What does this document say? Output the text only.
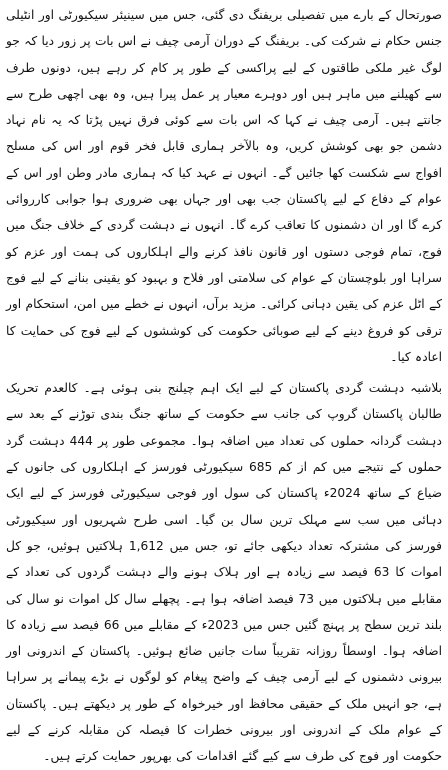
صورتحال کے بارے میں تفصیلی بریفنگ دی گئی، جس میں سینیئر سیکیورٹی اور انٹیلی جنس حکام نے شرکت کی۔ بریفنگ کے دوران آرمی چیف نے اس بات پر زور دیا کہ جو لوگ غیر ملکی طاقتوں کے لیے پراکسی کے طور پر کام کر رہے ہیں، دونوں طرف سے کھیلنے میں ماہر ہیں اور دوہرے معیار پر عمل پیرا ہیں، وہ بھی اچھی طرح سے جانتے ہیں۔ آرمی چیف نے کہا کہ اس بات سے کوئی فرق نہیں پڑتا کہ یہ نام نہاد دشمن جو بھی کوشش کریں، وہ بالآخر ہماری قابل فخر قوم اور اس کی مسلح افواج سے شکست کھا جائیں گے۔ انہوں نے عہد کیا کہ ہماری مادر وطن اور اس کے عوام کے دفاع کے لیے پاکستان جب بھی اور جہاں بھی ضروری ہوا جوابی کارروائی کرے گا اور ان دشمنوں کا تعاقب کرے گا۔ انہوں نے دہشت گردی کے خلاف جنگ میں فوج، تمام فوجی دستوں اور قانون نافذ کرنے والے اہلکاروں کی ہمت اور عزم کو سراہا اور بلوچستان کے عوام کی سلامتی اور فلاح و بہبود کو یقینی بنانے کے لیے فوج کے اٹل عزم کی یقین دہانی کرائی۔ مزید برآں، انہوں نے خطے میں امن، استحکام اور ترقی کو فروغ دینے کے لیے صوبائی حکومت کی کوششوں کے لیے فوج کی حمایت کا اعادہ کیا۔

بلاشبہ دہشت گردی پاکستان کے لیے ایک اہم چیلنج بنی ہوئی ہے۔ کالعدم تحریک طالبان پاکستان گروپ کی جانب سے حکومت کے ساتھ جنگ بندی توڑنے کے بعد سے دہشت گردانہ حملوں کی تعداد میں اضافہ ہوا۔ مجموعی طور پر 444 دہشت گرد حملوں کے نتیجے میں کم از کم 685 سیکیورٹی فورسز کے اہلکاروں کی جانوں کے ضیاع کے ساتھ 2024ء پاکستان کی سول اور فوجی سیکیورٹی فورسز کے لیے ایک دہائی میں سب سے مہلک ترین سال بن گیا۔ اسی طرح شہریوں اور سیکیورٹی فورسز کی مشترکہ تعداد دیکھی جائے تو، جس میں 1,612 ہلاکتیں ہوئیں، جو کل اموات کا 63 فیصد سے زیادہ ہے اور ہلاک ہونے والے دہشت گردوں کی تعداد کے مقابلے میں ہلاکتوں میں 73 فیصد اضافہ ہوا ہے۔ پچھلے سال کل اموات نو سال کی بلند ترین سطح پر پہنچ گئیں جس میں 2023ء کے مقابلے میں 66 فیصد سے زیادہ کا اضافہ ہوا۔ اوسطاً روزانہ تقریباً سات جانیں ضائع ہوئیں۔ پاکستان کے اندرونی اور بیرونی دشمنوں کے لیے آرمی چیف کے واضح پیغام کو لوگوں نے بڑے پیمانے پر سراہا ہے، جو انہیں ملک کے حقیقی محافظ اور خیرخواہ کے طور پر دیکھتے ہیں۔ پاکستان کے عوام ملک کے اندرونی اور بیرونی خطرات کا فیصلہ کن مقابلہ کرنے کے لیے حکومت اور فوج کی طرف سے کیے گئے اقدامات کی بھرپور حمایت کرتے ہیں۔
